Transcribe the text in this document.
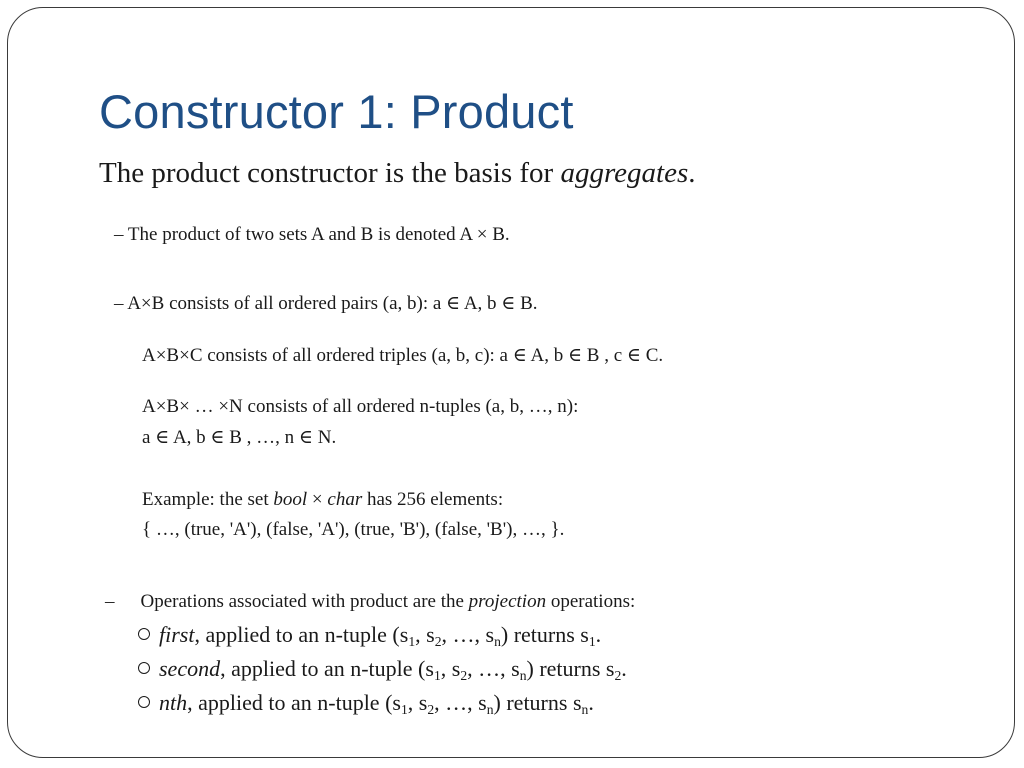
Constructor 1: Product
The product constructor is the basis for aggregates.
– The product of two sets A and B is denoted A × B.
– A×B consists of all ordered pairs (a, b): a ∈ A, b ∈ B.
A×B×C consists of all ordered triples (a, b, c): a ∈ A, b ∈ B , c ∈ C.
A×B× … ×N consists of all ordered n-tuples (a, b, …, n):
a ∈ A, b ∈ B , …, n ∈ N.
Example: the set bool × char has 256 elements:
{ …, (true, 'A'), (false, 'A'), (true, 'B'), (false, 'B'), …, }.
– Operations associated with product are the projection operations:
first, applied to an n-tuple ($s_1$, $s_2$, …, $s_n$) returns $s_1$.
second, applied to an n-tuple ($s_1$, $s_2$, …, $s_n$) returns $s_2$.
nth, applied to an n-tuple ($s_1$, $s_2$, …, $s_n$) returns $s_n$.
